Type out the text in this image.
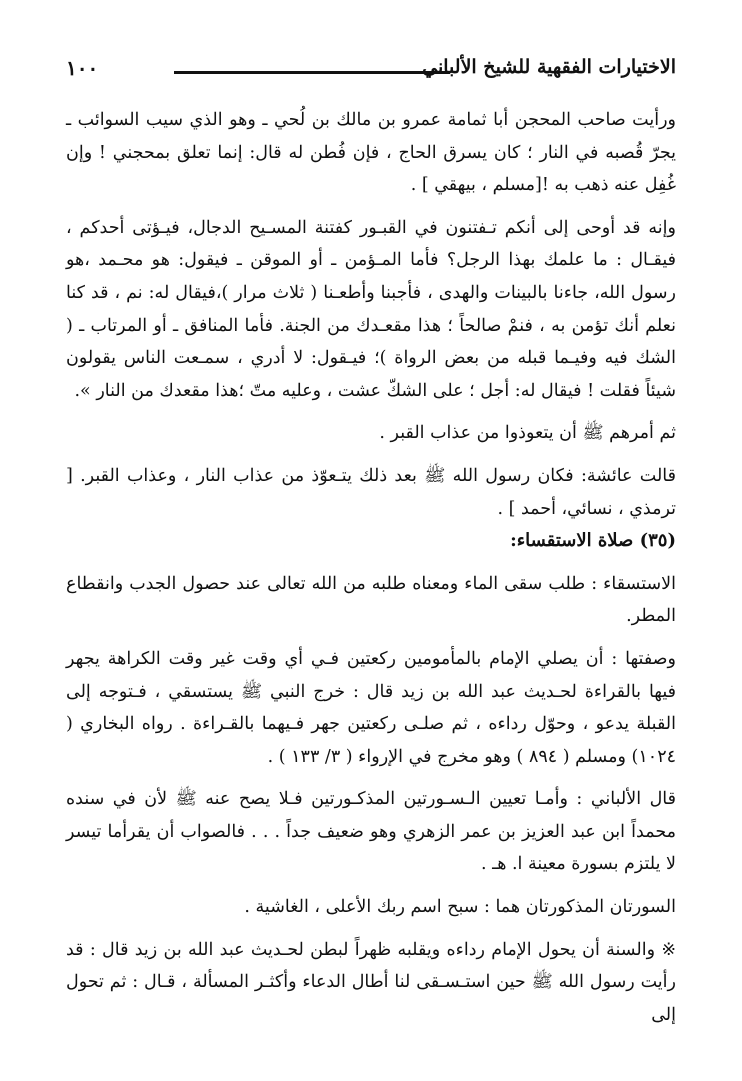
الاختيارات الفقهية للشيخ الألباني
١٠٠

ورأيت صاحب المحجن أبا ثمامة عمرو بن مالك بن لُحي ـ وهو الذي سيب السوائب ـ يجرّ قُصبه في النار ؛ كان يسرق الحاج ، فإن فُطن له قال: إنما تعلق بمحجني ! وإن غُفِل عنه ذهب به ![مسلم ، بيهقي ] .

وإنه قد أوحى إلى أنكم تـفتنون في القبـور كفتنة المسـيح الدجال، فيـؤتى أحدكم ، فيقـال : ما علمك بهذا الرجل؟ فأما المـؤمن ـ أو الموقن ـ فيقول: هو محـمد ،هو رسول الله، جاءنا بالبينات والهدى ، فأجبنا وأطعـنا ( ثلاث مرار )،فيقال له: نم ، قد كنا نعلم أنك تؤمن به ، فنمْ صالحاً ؛ هذا مقعـدك من الجنة. فأما المنافق ـ أو المرتاب ـ ( الشك فيه وفيـما قبله من بعض الرواة )؛ فيـقول: لا أدري ، سمـعت الناس يقولون شيئاً فقلت ! فيقال له: أجل ؛ على الشكّ عشت ، وعليه متّ ؛هذا مقعدك من النار ».

ثم أمرهم ﷺ أن يتعوذوا من عذاب القبر .

قالت عائشة: فكان رسول الله ﷺ بعد ذلك يتـعوّذ من عذاب النار ، وعذاب القبر. [ ترمذي ، نسائي، أحمد ] .

(٣٥) صلاة الاستقساء:

الاستسقاء : طلب سقى الماء ومعناه طلبه من الله تعالى عند حصول الجدب وانقطاع المطر.

وصفتها : أن يصلي الإمام بالمأمومين ركعتين فـي أي وقت غير وقت الكراهة يجهر فيها بالقراءة لحـديث عبد الله بن زيد قال : خرج النبي ﷺ يستسقي ، فـتوجه إلى القبلة يدعو ، وحوّل رداءه ، ثم صلـى ركعتين جهر فـيهما بالقـراءة . رواه البخاري ( ١٠٢٤) ومسلم ( ٨٩٤ ) وهو مخرج في الإرواء ( ٣/ ١٣٣ ) .

قال الألباني : وأمـا تعيين الـسـورتين المذكـورتين فـلا يصح عنه ﷺ لأن في سنده محمداً ابن عبد العزيز بن عمر الزهري وهو ضعيف جداً . . . فالصواب أن يقرأما تيسر لا يلتزم بسورة معينة ا. هـ .

السورتان المذكورتان هما : سبح اسم ربك الأعلى ، الغاشية .

※ والسنة أن يحول الإمام رداءه ويقلبه ظهراً لبطن لحـديث عبد الله بن زيد قال : قد رأيت رسول الله ﷺ حين استـسـقى لنا أطال الدعاء وأكثـر المسألة ، قـال : ثم تحول إلى
